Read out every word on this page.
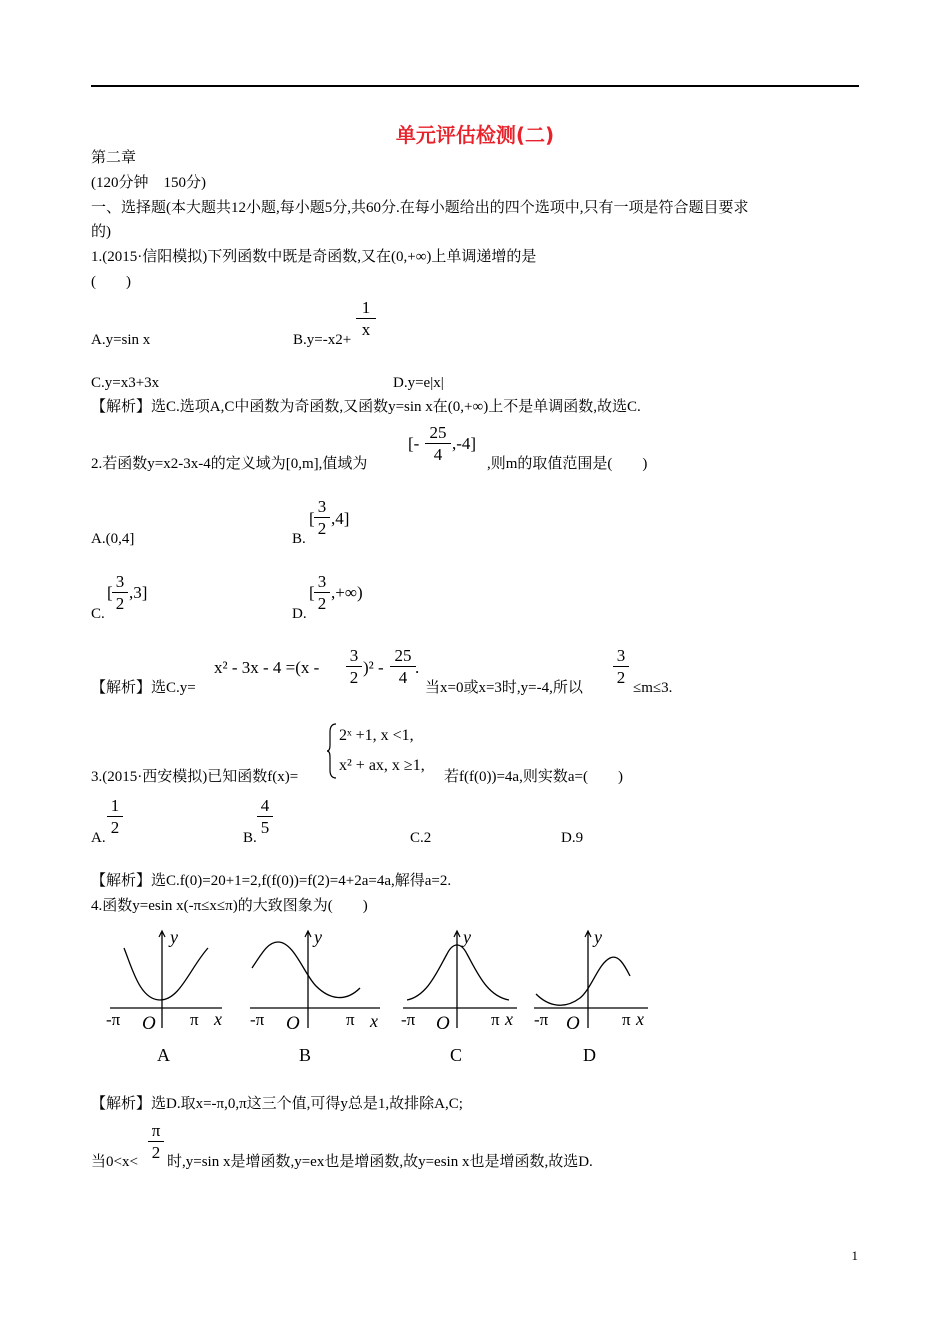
单元评估检测(二)
第二章
(120分钟　150分)
一、选择题(本大题共12小题,每小题5分,共60分.在每小题给出的四个选项中,只有一项是符合题目要求
的)
1.(2015·信阳模拟)下列函数中既是奇函数,又在(0,+∞)上单调递增的是
(　　)
A.y=sin x	B.y=-x2+
1
x
C.y=x3+3x	D.y=e|x|
【解析】选C.选项A,C中函数为奇函数,又函数y=sin x在(0,+∞)上不是单调函数,故选C.
2.若函数y=x2-3x-4的定义域为[0,m],值域为
[-
25
4
,-4]
,则m的取值范围是(　　)
A.(0,4]	B.
[
3
2
,4]
C.
[
3
2
,3]
D.
[
3
2
,+∞)
【解析】选C.y=
x² - 3x - 4 =(x -
3
2
)² -
25
4
.
当x=0或x=3时,y=-4,所以
3
2
≤m≤3.
3.(2015·西安模拟)已知函数f(x)=
2ˣ +1, x <1,
x² + ax, x ≥1,
若f(f(0))=4a,则实数a=(　　)
A.
1
2
B.
4
5
C.2	D.9
【解析】选C.f(0)=20+1=2,f(f(0))=f(2)=4+2a=4a,解得a=2.
4.函数y=esin x(-π≤x≤π)的大致图象为(　　)
y
x
-π O π
A
y
x
-π O	π
B
y
x
-π O π
C
y
x
-π O π
D
【解析】选D.取x=-π,0,π这三个值,可得y总是1,故排除A,C;
当0<x<
π
2 时,y=sin x是增函数,y=ex也是增函数,故y=esin x也是增函数,故选D.
1
